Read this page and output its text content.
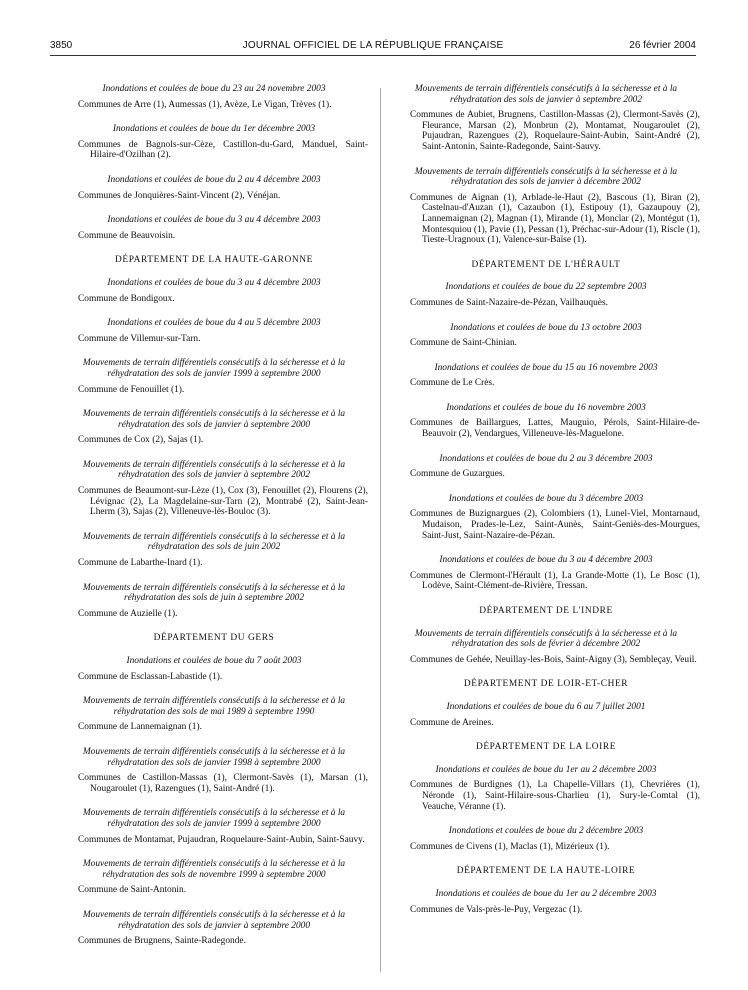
3850	JOURNAL OFFICIEL DE LA RÉPUBLIQUE FRANÇAISE	26 février 2004
Inondations et coulées de boue du 23 au 24 novembre 2003
Communes de Arre (1), Aumessas (1), Avèze, Le Vigan, Trèves (1).
Inondations et coulées de boue du 1er décembre 2003
Communes de Bagnols-sur-Cèze, Castillon-du-Gard, Manduel, Saint-Hilaire-d'Ozilhan (2).
Inondations et coulées de boue du 2 au 4 décembre 2003
Communes de Jonquières-Saint-Vincent (2), Vénéjan.
Inondations et coulées de boue du 3 au 4 décembre 2003
Commune de Beauvoisin.
DÉPARTEMENT DE LA HAUTE-GARONNE
Inondations et coulées de boue du 3 au 4 décembre 2003
Commune de Bondigoux.
Inondations et coulées de boue du 4 au 5 décembre 2003
Commune de Villemur-sur-Tarn.
Mouvements de terrain différentiels consécutifs à la sécheresse et à la réhydratation des sols de janvier 1999 à septembre 2000
Commune de Fenouillet (1).
Mouvements de terrain différentiels consécutifs à la sécheresse et à la réhydratation des sols de janvier à septembre 2000
Communes de Cox (2), Sajas (1).
Mouvements de terrain différentiels consécutifs à la sécheresse et à la réhydratation des sols de janvier à septembre 2002
Communes de Beaumont-sur-Lèze (1), Cox (3), Fenouillet (2), Flourens (2), Lévignac (2), La Magdelaine-sur-Tarn (2), Montrabé (2), Saint-Jean-Lherm (3), Sajas (2), Villeneuve-lès-Bouloc (3).
Mouvements de terrain différentiels consécutifs à la sécheresse et à la réhydratation des sols de juin 2002
Commune de Labarthe-Inard (1).
Mouvements de terrain différentiels consécutifs à la sécheresse et à la réhydratation des sols de juin à septembre 2002
Commune de Auzielle (1).
DÉPARTEMENT DU GERS
Inondations et coulées de boue du 7 août 2003
Commune de Esclassan-Labastide (1).
Mouvements de terrain différentiels consécutifs à la sécheresse et à la réhydratation des sols de mai 1989 à septembre 1990
Commune de Lannemaignan (1).
Mouvements de terrain différentiels consécutifs à la sécheresse et à la réhydratation des sols de janvier 1998 à septembre 2000
Communes de Castillon-Massas (1), Clermont-Savès (1), Marsan (1), Nougaroulet (1), Razengues (1), Saint-André (1).
Mouvements de terrain différentiels consécutifs à la sécheresse et à la réhydratation des sols de janvier 1999 à septembre 2000
Communes de Montamat, Pujaudran, Roquelaure-Saint-Aubin, Saint-Sauvy.
Mouvements de terrain différentiels consécutifs à la sécheresse et à la réhydratation des sols de novembre 1999 à septembre 2000
Commune de Saint-Antonin.
Mouvements de terrain différentiels consécutifs à la sécheresse et à la réhydratation des sols de janvier à septembre 2000
Communes de Brugnens, Sainte-Radegonde.
Mouvements de terrain différentiels consécutifs à la sécheresse et à la réhydratation des sols de janvier à septembre 2002
Communes de Aubiet, Brugnens, Castillon-Massas (2), Clermont-Savès (2), Fleurance, Marsan (2), Monbrun (2), Montamat, Nougaroulet (2), Pujaudran, Razengues (2), Roquelaure-Saint-Aubin, Saint-André (2), Saint-Antonin, Sainte-Radegonde, Saint-Sauvy.
Mouvements de terrain différentiels consécutifs à la sécheresse et à la réhydratation des sols de janvier à décembre 2002
Communes de Aignan (1), Arblade-le-Haut (2), Bascous (1), Biran (2), Castelnau-d'Auzan (1), Cazaubon (1), Estipouy (1), Gazaupouy (2), Lannemaignan (2), Magnan (1), Mirande (1), Monclar (2), Montégut (1), Montesquiou (1), Pavie (1), Pessan (1), Préchac-sur-Adour (1), Riscle (1), Tieste-Uragnoux (1), Valence-sur-Baïse (1).
DÉPARTEMENT DE L'HÉRAULT
Inondations et coulées de boue du 22 septembre 2003
Communes de Saint-Nazaire-de-Pézan, Vailhauquès.
Inondations et coulées de boue du 13 octobre 2003
Commune de Saint-Chinian.
Inondations et coulées de boue du 15 au 16 novembre 2003
Commune de Le Crès.
Inondations et coulées de boue du 16 novembre 2003
Communes de Baillargues, Lattes, Mauguio, Pérols, Saint-Hilaire-de-Beauvoir (2), Vendargues, Villeneuve-lès-Maguelone.
Inondations et coulées de boue du 2 au 3 décembre 2003
Commune de Guzargues.
Inondations et coulées de boue du 3 décembre 2003
Communes de Buzignargues (2), Colombiers (1), Lunel-Viel, Montarnaud, Mudaison, Prades-le-Lez, Saint-Aunès, Saint-Geniès-des-Mourgues, Saint-Just, Saint-Nazaire-de-Pézan.
Inondations et coulées de boue du 3 au 4 décembre 2003
Communes de Clermont-l'Hérault (1), La Grande-Motte (1), Le Bosc (1), Lodève, Saint-Clément-de-Rivière, Tressan.
DÉPARTEMENT DE L'INDRE
Mouvements de terrain différentiels consécutifs à la sécheresse et à la réhydratation des sols de février à décembre 2002
Communes de Gehée, Neuillay-les-Bois, Saint-Aigny (3), Sembleçay, Veuil.
DÉPARTEMENT DE LOIR-ET-CHER
Inondations et coulées de boue du 6 au 7 juillet 2001
Commune de Areines.
DÉPARTEMENT DE LA LOIRE
Inondations et coulées de boue du 1er au 2 décembre 2003
Communes de Burdignes (1), La Chapelle-Villars (1), Chevrières (1), Néronde (1), Saint-Hilaire-sous-Charlieu (1), Sury-le-Comtal (1), Veauche, Véranne (1).
Inondations et coulées de boue du 2 décembre 2003
Communes de Civens (1), Maclas (1), Mizérieux (1).
DÉPARTEMENT DE LA HAUTE-LOIRE
Inondations et coulées de boue du 1er au 2 décembre 2003
Communes de Vals-près-le-Puy, Vergezac (1).
